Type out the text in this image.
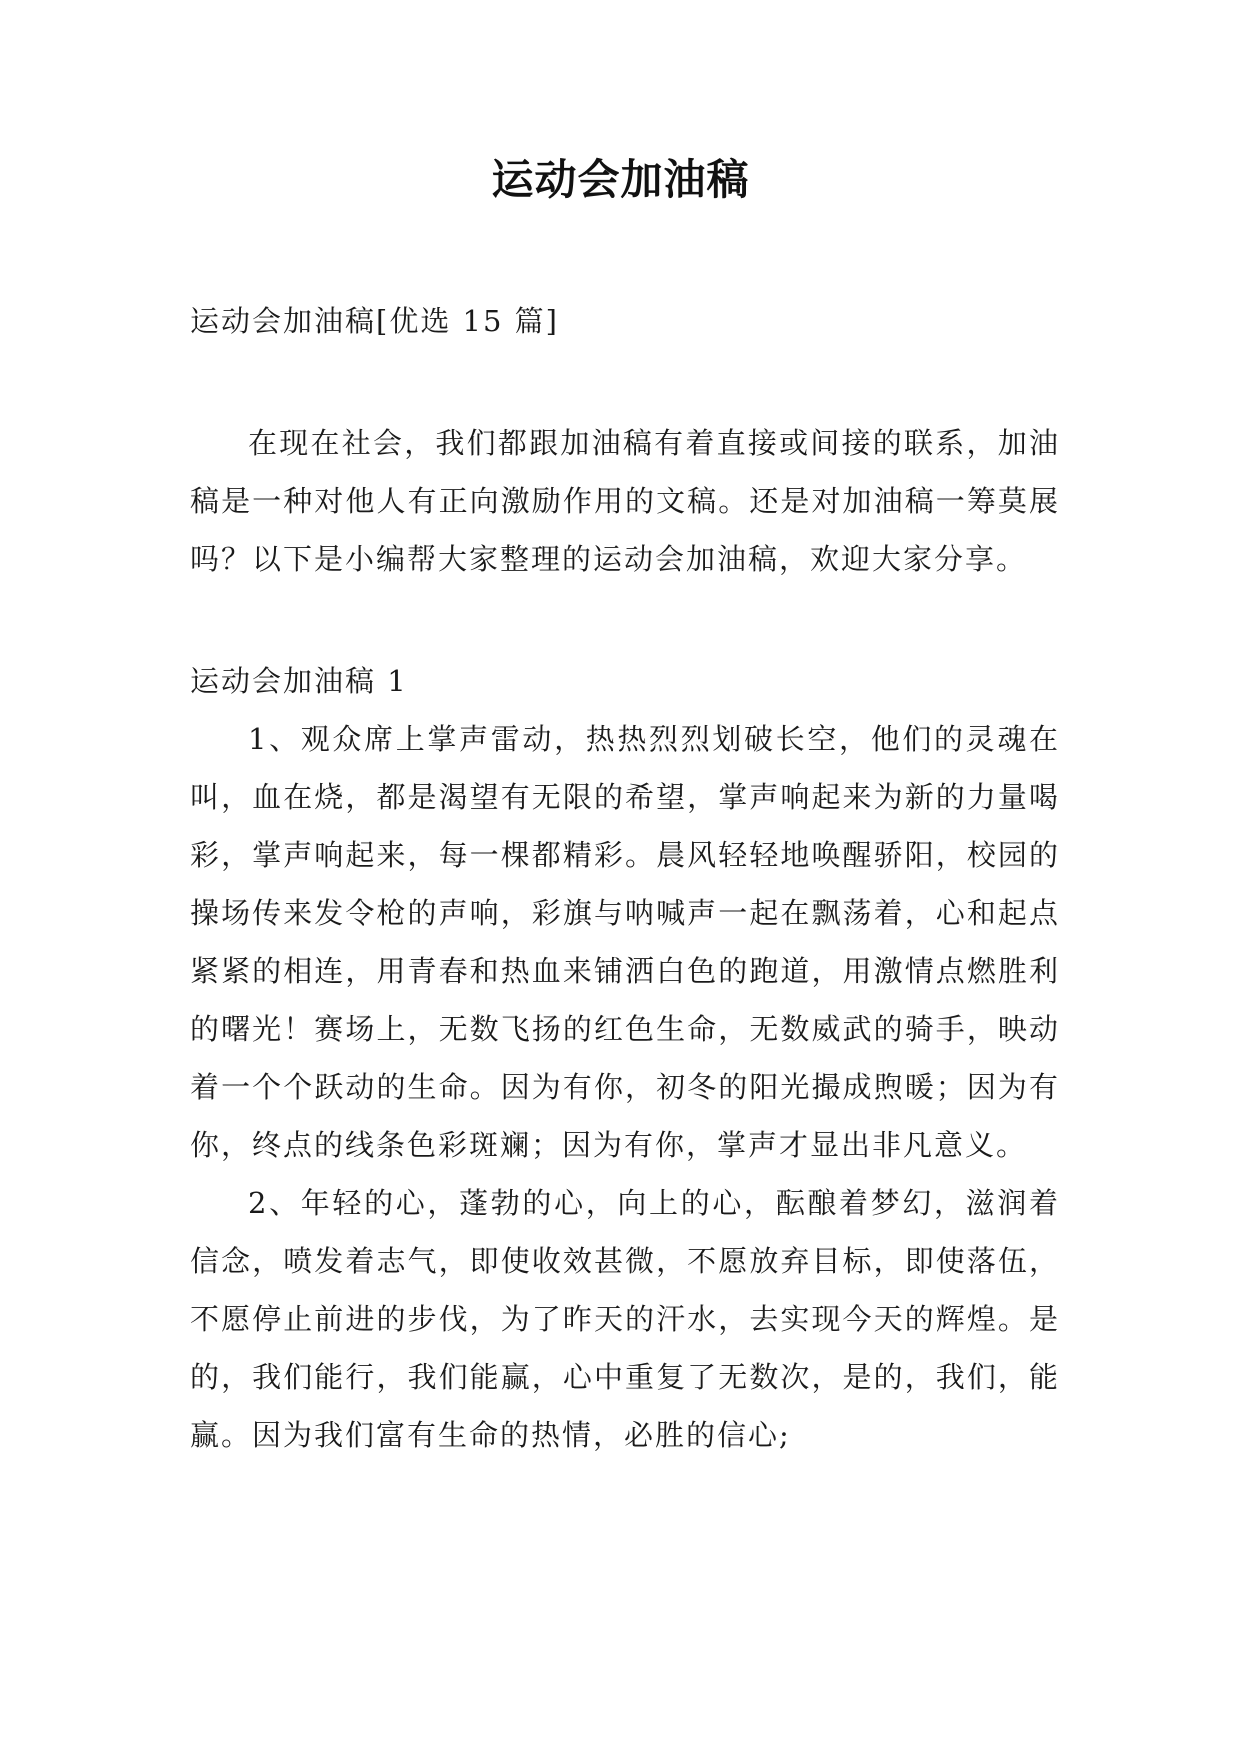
运动会加油稿

运动会加油稿[优选 15 篇]

在现在社会，我们都跟加油稿有着直接或间接的联系，加油稿是一种对他人有正向激励作用的文稿。还是对加油稿一筹莫展吗？以下是小编帮大家整理的运动会加油稿，欢迎大家分享。

运动会加油稿 1

1、观众席上掌声雷动，热热烈烈划破长空，他们的灵魂在叫，血在烧，都是渴望有无限的希望，掌声响起来为新的力量喝彩，掌声响起来，每一棵都精彩。晨风轻轻地唤醒骄阳，校园的操场传来发令枪的声响，彩旗与呐喊声一起在飘荡着，心和起点紧紧的相连，用青春和热血来铺洒白色的跑道，用激情点燃胜利的曙光！赛场上，无数飞扬的红色生命，无数威武的骑手，映动着一个个跃动的生命。因为有你，初冬的阳光撮成煦暖；因为有你，终点的线条色彩斑斓；因为有你，掌声才显出非凡意义。

2、年轻的心，蓬勃的心，向上的心，酝酿着梦幻，滋润着信念，喷发着志气，即使收效甚微，不愿放弃目标，即使落伍，不愿停止前进的步伐，为了昨天的汗水，去实现今天的辉煌。是的，我们能行，我们能赢，心中重复了无数次，是的，我们，能赢。因为我们富有生命的热情，必胜的信心;
